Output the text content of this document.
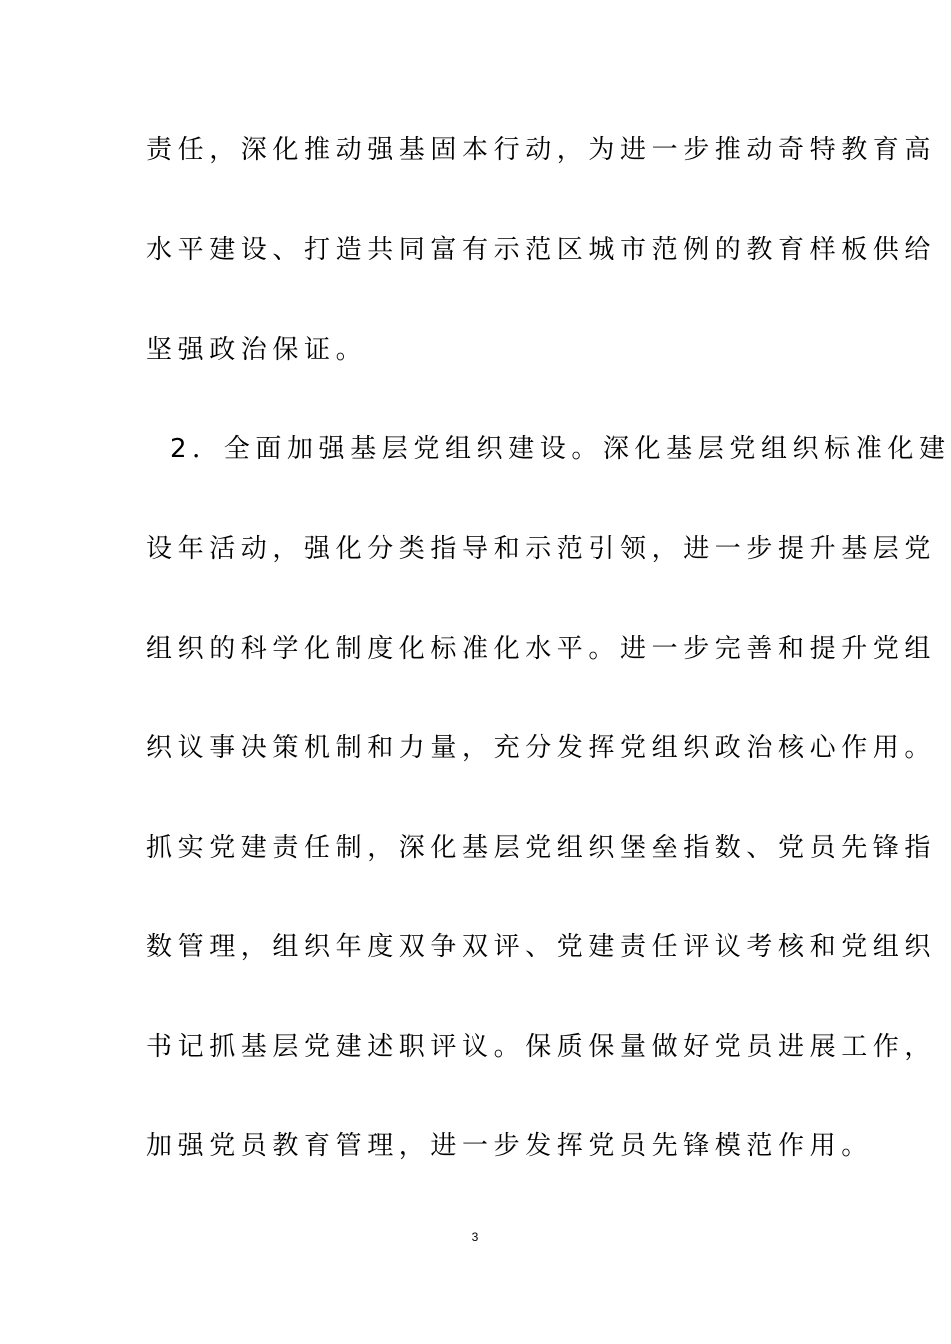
责任，深化推动强基固本行动，为进一步推动奇特教育高
水平建设、打造共同富有示范区城市范例的教育样板供给
坚强政治保证。
2．全面加强基层党组织建设。深化基层党组织标准化建
设年活动，强化分类指导和示范引领，进一步提升基层党
组织的科学化制度化标准化水平。进一步完善和提升党组
织议事决策机制和力量，充分发挥党组织政治核心作用。
抓实党建责任制，深化基层党组织堡垒指数、党员先锋指
数管理，组织年度双争双评、党建责任评议考核和党组织
书记抓基层党建述职评议。保质保量做好党员进展工作，
加强党员教育管理，进一步发挥党员先锋模范作用。
3
